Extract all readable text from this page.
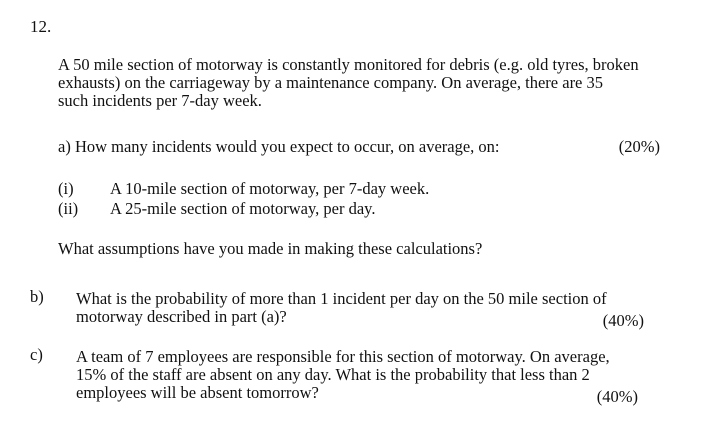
12.
A 50 mile section of motorway is constantly monitored for debris (e.g. old tyres, broken
exhausts) on the carriageway by a maintenance company. On average, there are 35
such incidents per 7-day week.
a) How many incidents would you expect to occur, on average, on:	(20%)
(i) A 10-mile section of motorway, per 7-day week.
(ii) A 25-mile section of motorway, per day.
What assumptions have you made in making these calculations?
b) What is the probability of more than 1 incident per day on the 50 mile section of
motorway described in part (a)?	(40%)
c) A team of 7 employees are responsible for this section of motorway. On average,
15% of the staff are absent on any day. What is the probability that less than 2
employees will be absent tomorrow?	(40%)
